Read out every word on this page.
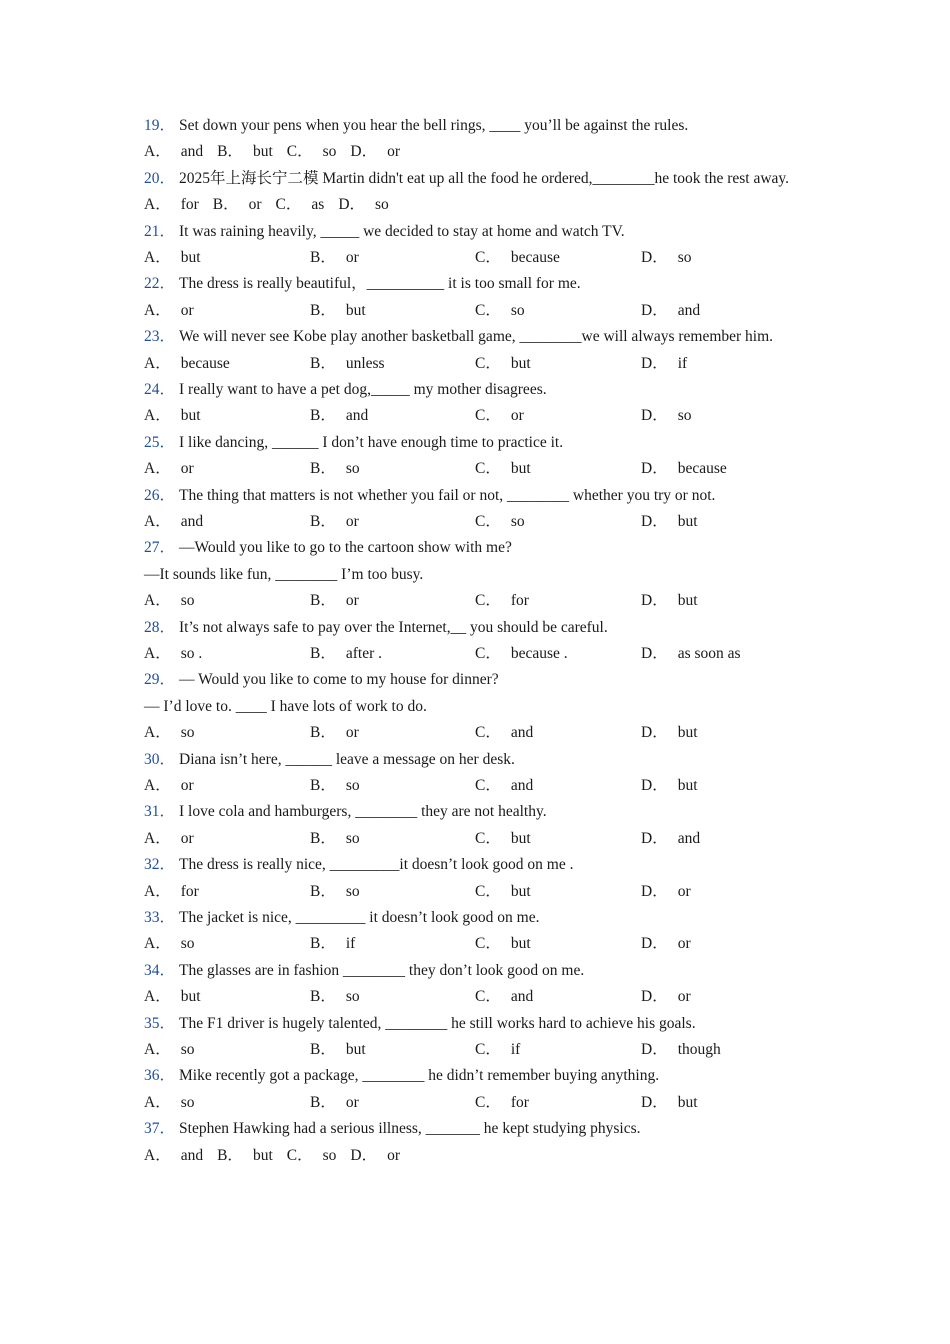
19． Set down your pens when you hear the bell rings, ____ you’ll be against the rules.
A． and B． but C． so D． or
20． 2025年上海长宁二模 Martin didn't eat up all the food he ordered,________he took the rest away.
A． for B． or C． as D． so
21． It was raining heavily, _____ we decided to stay at home and watch TV.
A． but	B． or	C． because	D． so
22． The dress is really beautiful，__________ it is too small for me.
A． or	B． but	C． so	D． and
23． We will never see Kobe play another basketball game, ________we will always remember him.
A． because	B． unless	C． but	D． if
24． I really want to have a pet dog,_____ my mother disagrees.
A． but	B． and	C． or	D． so
25． I like dancing, ______ I don’t have enough time to practice it.
A． or	B． so	C． but	D． because
26． The thing that matters is not whether you fail or not, ________ whether you try or not.
A． and	B． or	C． so	D． but
27． —Would you like to go to the cartoon show with me?
—It sounds like fun, ________ I’m too busy.
A． so	B． or	C． for	D． but
28． It’s not always safe to pay over the Internet,__ you should be careful.
A． so .	B． after .	C． because .	D． as soon as
29． — Would you like to come to my house for dinner?
— I’d love to. ____ I have lots of work to do.
A． so	B． or	C． and	D． but
30． Diana isn’t here, ______ leave a message on her desk.
A． or	B． so	C． and	D． but
31． I love cola and hamburgers, ________ they are not healthy.
A． or	B． so	C． but	D． and
32． The dress is really nice, _________it doesn’t look good on me .
A． for	B． so	C． but	D． or
33． The jacket is nice, _________ it doesn’t look good on me.
A． so	B． if	C． but	D． or
34． The glasses are in fashion ________ they don’t look good on me.
A． but	B． so	C． and	D． or
35． The F1 driver is hugely talented, ________ he still works hard to achieve his goals.
A． so	B． but	C． if	D． though
36． Mike recently got a package, ________ he didn’t remember buying anything.
A． so	B． or	C． for	D． but
37． Stephen Hawking had a serious illness, _______ he kept studying physics.
A． and B． but C． so D． or
